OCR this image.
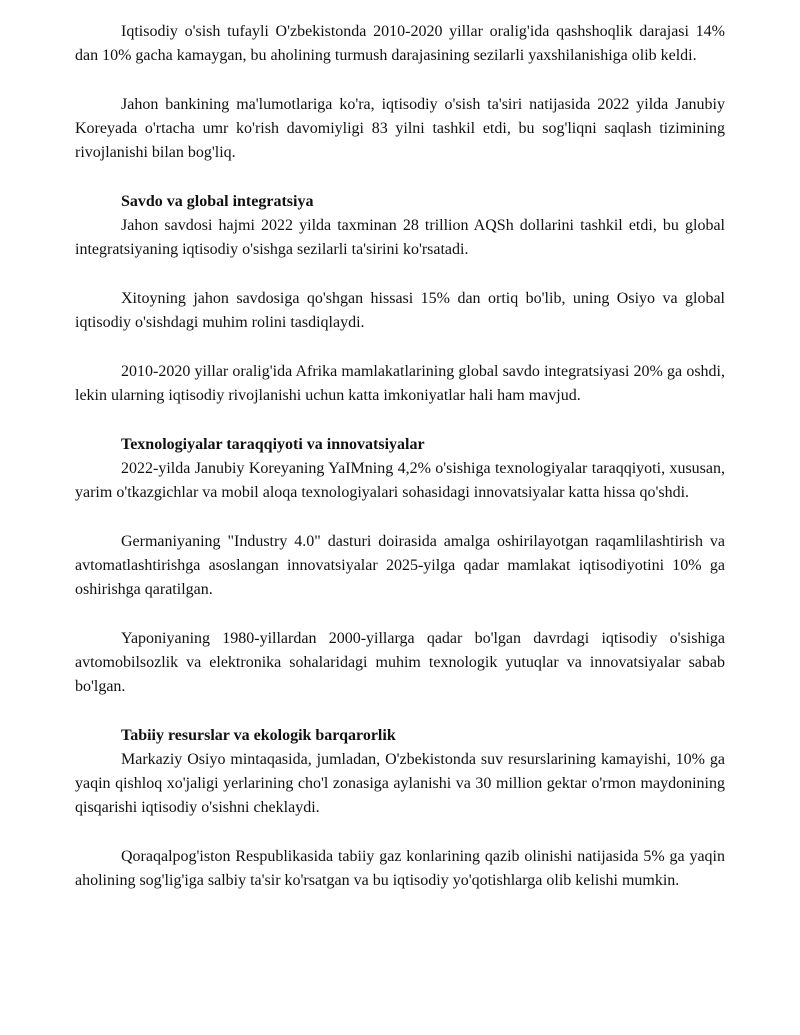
Iqtisodiy o'sish tufayli O'zbekistonda 2010-2020 yillar oralig'ida qashshoqlik darajasi 14% dan 10% gacha kamaygan, bu aholining turmush darajasining sezilarli yaxshilanishiga olib keldi.

Jahon bankining ma'lumotlariga ko'ra, iqtisodiy o'sish ta'siri natijasida 2022 yilda Janubiy Koreyada o'rtacha umr ko'rish davomiyligi 83 yilni tashkil etdi, bu sog'liqni saqlash tizimining rivojlanishi bilan bog'liq.

Savdo va global integratsiya

Jahon savdosi hajmi 2022 yilda taxminan 28 trillion AQSh dollarini tashkil etdi, bu global integratsiyaning iqtisodiy o'sishga sezilarli ta'sirini ko'rsatadi.

Xitoyning jahon savdosiga qo'shgan hissasi 15% dan ortiq bo'lib, uning Osiyo va global iqtisodiy o'sishdagi muhim rolini tasdiqlaydi.

2010-2020 yillar oralig'ida Afrika mamlakatlarining global savdo integratsiyasi 20% ga oshdi, lekin ularning iqtisodiy rivojlanishi uchun katta imkoniyatlar hali ham mavjud.

Texnologiyalar taraqqiyoti va innovatsiyalar

2022-yilda Janubiy Koreyaning YaIMning 4,2% o'sishiga texnologiyalar taraqqiyoti, xususan, yarim o'tkazgichlar va mobil aloqa texnologiyalari sohasidagi innovatsiyalar katta hissa qo'shdi.

Germaniyaning "Industry 4.0" dasturi doirasida amalga oshirilayotgan raqamlilashtirish va avtomatlashtirishga asoslangan innovatsiyalar 2025-yilga qadar mamlakat iqtisodiyotini 10% ga oshirishga qaratilgan.

Yaponiyaning 1980-yillardan 2000-yillarga qadar bo'lgan davrdagi iqtisodiy o'sishiga avtomobilsozlik va elektronika sohalaridagi muhim texnologik yutuqlar va innovatsiyalar sabab bo'lgan.

Tabiiy resurslar va ekologik barqarorlik

Markaziy Osiyo mintaqasida, jumladan, O'zbekistonda suv resurslarining kamayishi, 10% ga yaqin qishloq xo'jaligi yerlarining cho'l zonasiga aylanishi va 30 million gektar o'rmon maydonining qisqarishi iqtisodiy o'sishni cheklaydi.

Qoraqalpog'iston Respublikasida tabiiy gaz konlarining qazib olinishi natijasida 5% ga yaqin aholining sog'lig'iga salbiy ta'sir ko'rsatgan va bu iqtisodiy yo'qotishlarga olib kelishi mumkin.
